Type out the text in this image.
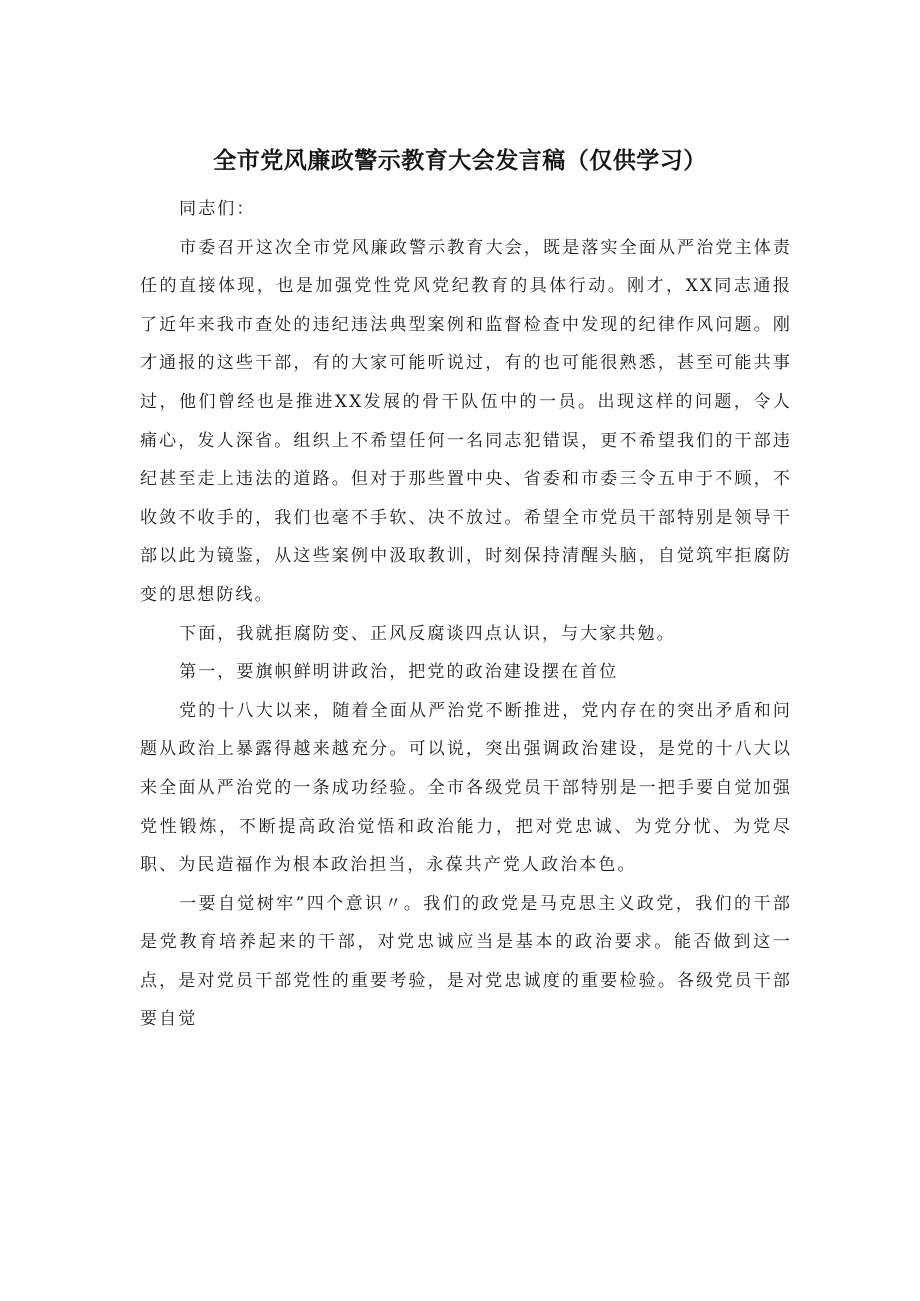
全市党风廉政警示教育大会发言稿（仅供学习）

同志们：

市委召开这次全市党风廉政警示教育大会，既是落实全面从严治党主体责任的直接体现，也是加强党性党风党纪教育的具体行动。刚才，XX同志通报了近年来我市查处的违纪违法典型案例和监督检查中发现的纪律作风问题。刚才通报的这些干部，有的大家可能听说过，有的也可能很熟悉，甚至可能共事过，他们曾经也是推进XX发展的骨干队伍中的一员。出现这样的问题，令人痛心，发人深省。组织上不希望任何一名同志犯错误，更不希望我们的干部违纪甚至走上违法的道路。但对于那些置中央、省委和市委三令五申于不顾，不收敛不收手的，我们也毫不手软、决不放过。希望全市党员干部特别是领导干部以此为镜鉴，从这些案例中汲取教训，时刻保持清醒头脑，自觉筑牢拒腐防变的思想防线。

下面，我就拒腐防变、正风反腐谈四点认识，与大家共勉。

第一，要旗帜鲜明讲政治，把党的政治建设摆在首位

党的十八大以来，随着全面从严治党不断推进，党内存在的突出矛盾和问题从政治上暴露得越来越充分。可以说，突出强调政治建设，是党的十八大以来全面从严治党的一条成功经验。全市各级党员干部特别是一把手要自觉加强党性锻炼，不断提高政治觉悟和政治能力，把对党忠诚、为党分忧、为党尽职、为民造福作为根本政治担当，永葆共产党人政治本色。

一要自觉树牢”四个意识〃。我们的政党是马克思主义政党，我们的干部是党教育培养起来的干部，对党忠诚应当是基本的政治要求。能否做到这一点，是对党员干部党性的重要考验，是对党忠诚度的重要检验。各级党员干部要自觉
